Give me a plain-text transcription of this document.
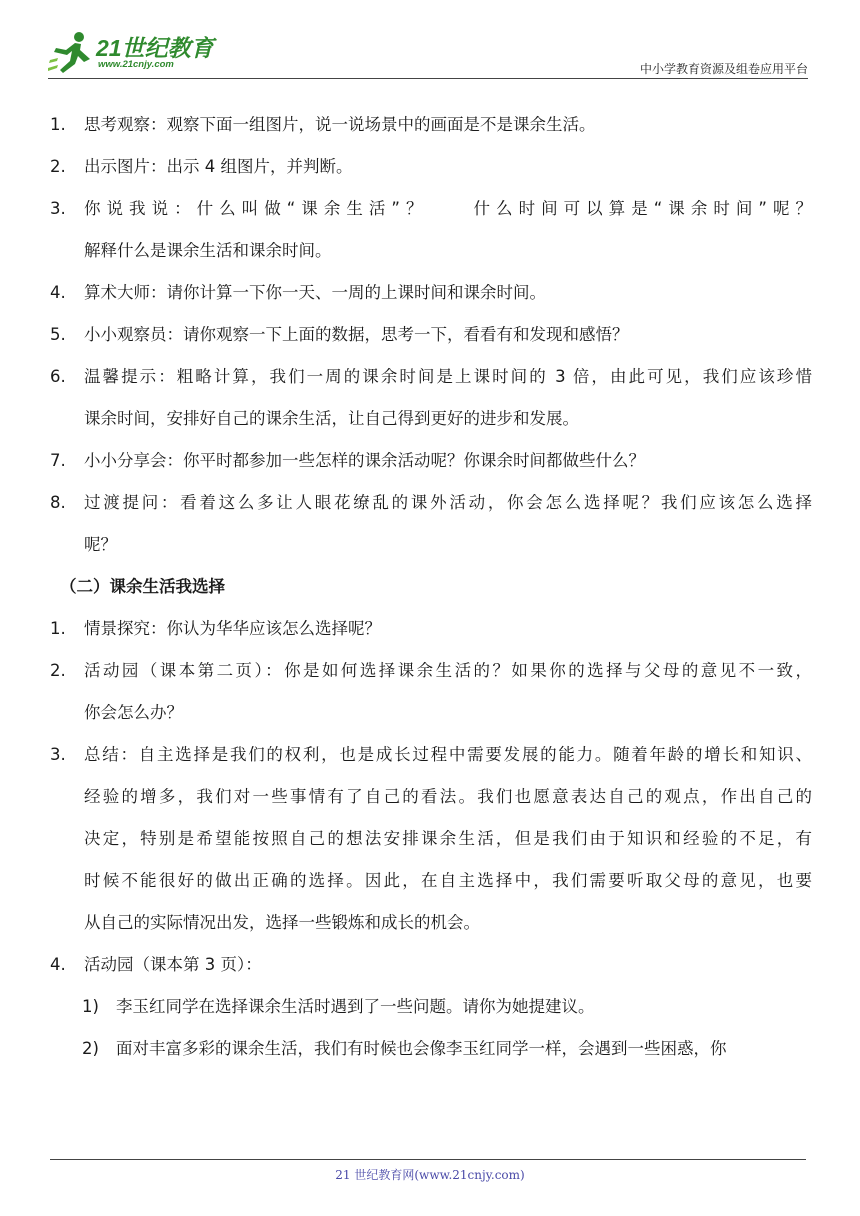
21世纪教育
www.21cnjy.com	中小学教育资源及组卷应用平台
1. 思考观察：观察下面一组图片，说一说场景中的画面是不是课余生活。
2. 出示图片：出示 4 组图片，并判断。
3. 你说我说：什么叫做“课余生活”？　　什么时间可以算是“课余时间”呢？
解释什么是课余生活和课余时间。
4. 算术大师：请你计算一下你一天、一周的上课时间和课余时间。
5. 小小观察员：请你观察一下上面的数据，思考一下，看看有和发现和感悟？
6. 温馨提示：粗略计算，我们一周的课余时间是上课时间的 3 倍，由此可见，我们应该珍惜
课余时间，安排好自己的课余生活，让自己得到更好的进步和发展。
7. 小小分享会：你平时都参加一些怎样的课余活动呢？你课余时间都做些什么？
8. 过渡提问：看着这么多让人眼花缭乱的课外活动，你会怎么选择呢？我们应该怎么选择
呢？
（二）课余生活我选择
1. 情景探究：你认为华华应该怎么选择呢？
2. 活动园（课本第二页）：你是如何选择课余生活的？如果你的选择与父母的意见不一致，
你会怎么办？
3. 总结：自主选择是我们的权利，也是成长过程中需要发展的能力。随着年龄的增长和知识、
经验的增多，我们对一些事情有了自己的看法。我们也愿意表达自己的观点，作出自己的
决定，特别是希望能按照自己的想法安排课余生活，但是我们由于知识和经验的不足，有
时候不能很好的做出正确的选择。因此，在自主选择中，我们需要听取父母的意见，也要
从自己的实际情况出发，选择一些锻炼和成长的机会。
4. 活动园（课本第 3 页）：
1) 李玉红同学在选择课余生活时遇到了一些问题。请你为她提建议。
2) 面对丰富多彩的课余生活，我们有时候也会像李玉红同学一样，会遇到一些困惑，你
21 世纪教育网(www.21cnjy.com)
